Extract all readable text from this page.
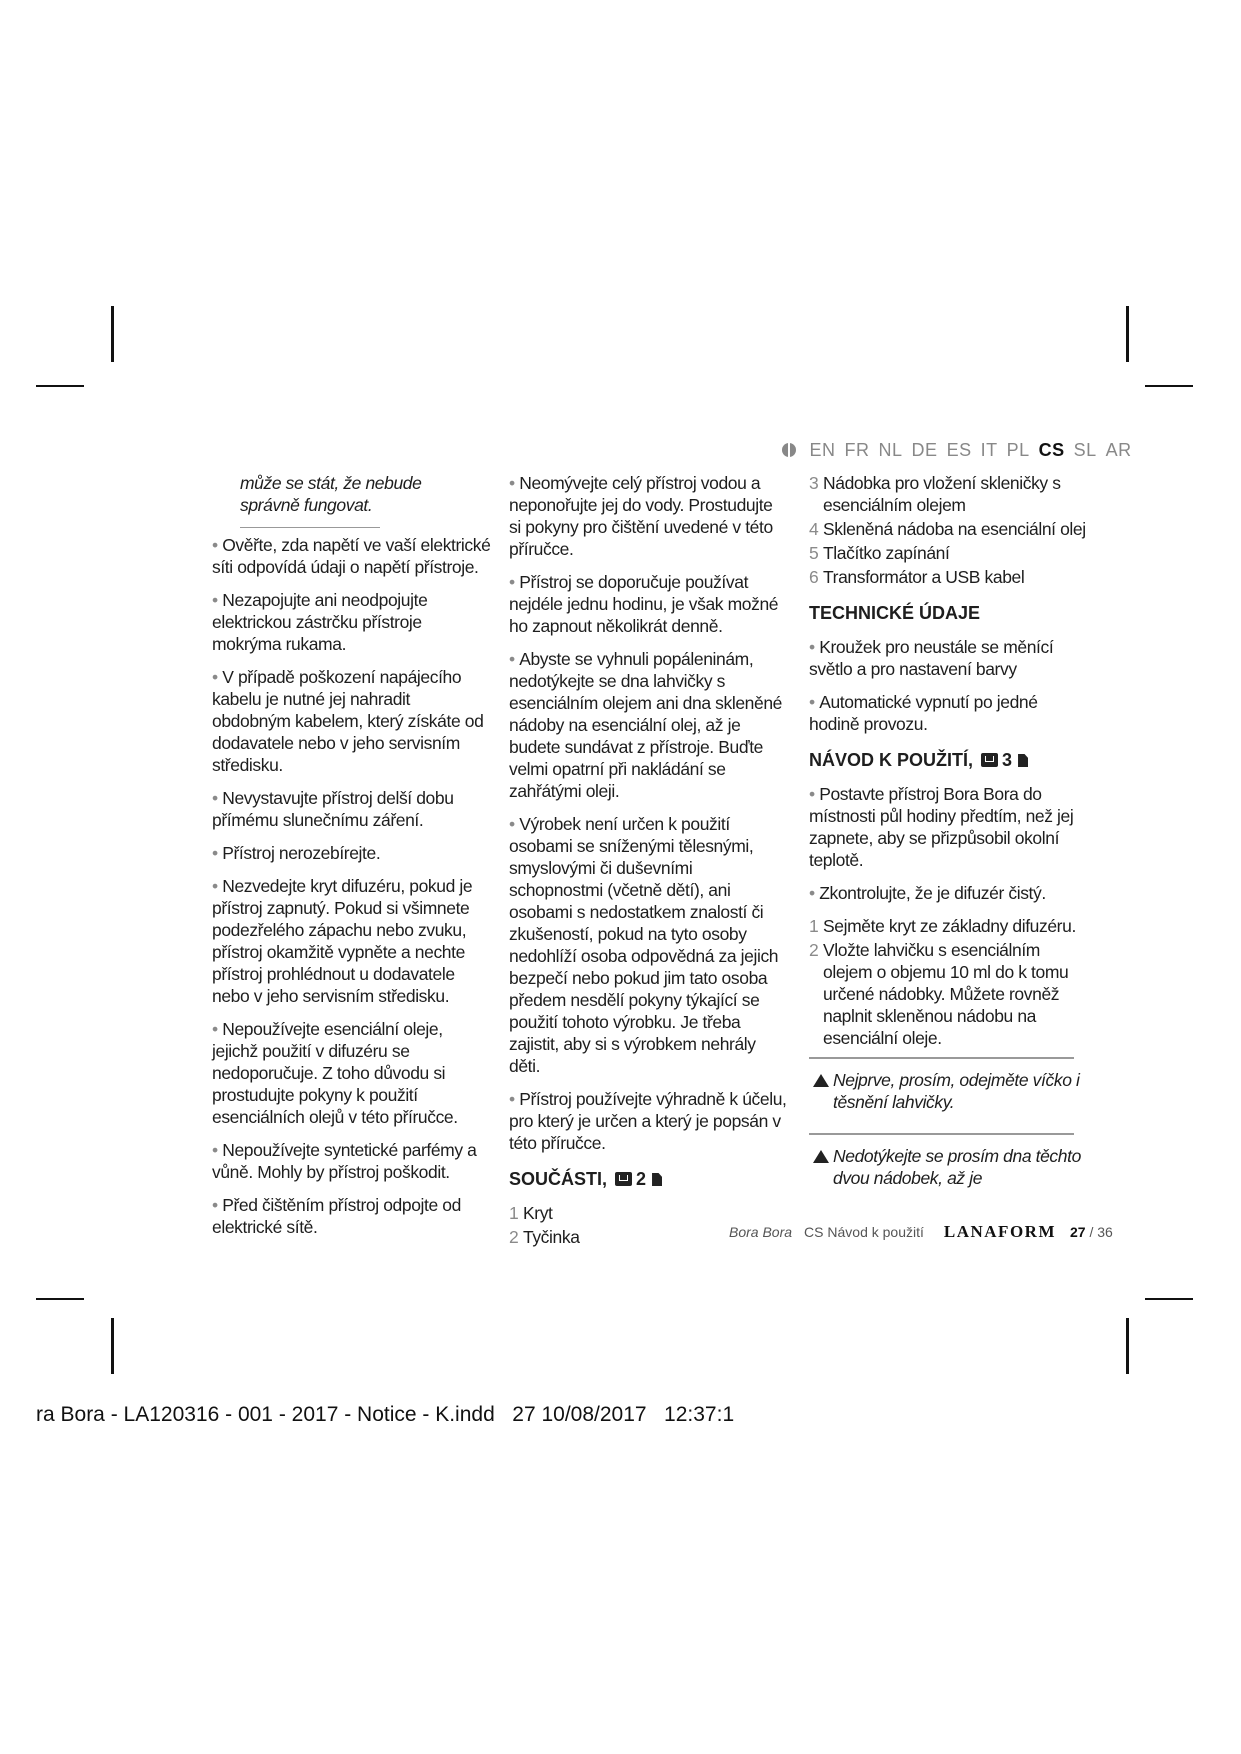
EN FR NL DE ES IT PL CS SL AR
může se stát, že nebude správně fungovat.
• Ověřte, zda napětí ve vaší elektrické síti odpovídá údaji o napětí přístroje.
• Nezapojujte ani neodpojujte elektrickou zástrčku přístroje mokrýma rukama.
• V případě poškození napájecího kabelu je nutné jej nahradit obdobným kabelem, který získáte od dodavatele nebo v jeho servisním středisku.
• Nevystavujte přístroj delší dobu přímému slunečnímu záření.
• Přístroj nerozebírejte.
• Nezvedejte kryt difuzéru, pokud je přístroj zapnutý. Pokud si všimnete podezřelého zápachu nebo zvuku, přístroj okamžitě vypněte a nechte přístroj prohlédnout u dodavatele nebo v jeho servisním středisku.
• Nepoužívejte esenciální oleje, jejichž použití v difuzéru se nedoporučuje. Z toho důvodu si prostudujte pokyny k použití esenciálních olejů v této příručce.
• Nepoužívejte syntetické parfémy a vůně. Mohly by přístroj poškodit.
• Před čištěním přístroj odpojte od elektrické sítě.
• Neomývejte celý přístroj vodou a neponořujte jej do vody. Prostudujte si pokyny pro čištění uvedené v této příručce.
• Přístroj se doporučuje používat nejdéle jednu hodinu, je však možné ho zapnout několikrát denně.
• Abyste se vyhnuli popáleninám, nedotýkejte se dna lahvičky s esenciálním olejem ani dna skleněné nádoby na esenciální olej, až je budete sundávat z přístroje. Buďte velmi opatrní při nakládání se zahřátými oleji.
• Výrobek není určen k použití osobami se sníženými tělesnými, smyslovými či duševními schopnostmi (včetně dětí), ani osobami s nedostatkem znalostí či zkušeností, pokud na tyto osoby nedohlíží osoba odpovědná za jejich bezpečí nebo pokud jim tato osoba předem nesdělí pokyny týkající se použití tohoto výrobku. Je třeba zajistit, aby si s výrobkem nehrály děti.
• Přístroj používejte výhradně k účelu, pro který je určen a který je popsán v této příručce.
SOUČÁSTI, 2
1 Kryt
2 Tyčinka
3 Nádobka pro vložení skleničky s esenciálním olejem
4 Skleněná nádoba na esenciální olej
5 Tlačítko zapínání
6 Transformátor a USB kabel
TECHNICKÉ ÚDAJE
• Kroužek pro neustále se měnící světlo a pro nastavení barvy
• Automatické vypnutí po jedné hodině provozu.
NÁVOD K POUŽITÍ, 3
• Postavte přístroj Bora Bora do místnosti půl hodiny předtím, než jej zapnete, aby se přizpůsobil okolní teplotě.
• Zkontrolujte, že je difuzér čistý.
1 Sejměte kryt ze základny difuzéru.
2 Vložte lahvičku s esenciálním olejem o objemu 10 ml do k tomu určené nádobky. Můžete rovněž naplnit skleněnou nádobu na esenciální oleje.
Nejprve, prosím, odejměte víčko i těsnění lahvičky.
Nedotýkejte se prosím dna těchto dvou nádobek, až je
Bora Bora CS Návod k použití LANAFORM 27 / 36
ra Bora - LA120316 - 001 - 2017 - Notice - K.indd   27 10/08/2017   12:37:1
